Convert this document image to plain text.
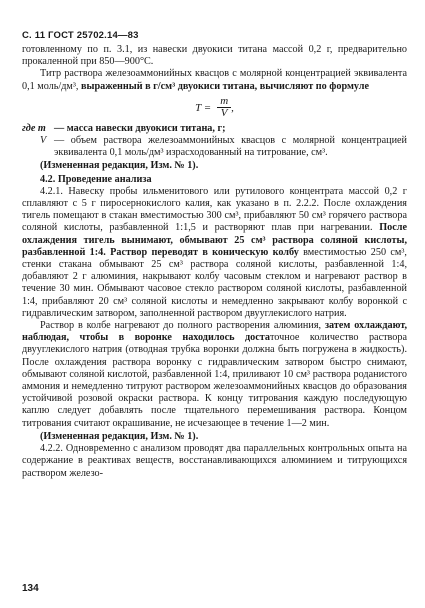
С. 11 ГОСТ 25702.14—83

готовленному по п. 3.1, из навески двуокиси титана массой 0,2 г, предварительно прокаленной при 850—900°С.

Титр раствора железоаммонийных квасцов с молярной концентрацией эквивалента 0,1 моль/дм³, выраженный в г/см³ двуокиси титана, вычисляют по формуле

$T = \frac{m}{V}$ ,
где m — масса навески двуокиси титана, г;
V — объем раствора железоаммонийных квасцов с молярной концентрацией эквивалента 0,1 моль/дм³ израсходованный на титрование, см³.

(Измененная редакция, Изм. № 1).

4.2. Проведение анализа

4.2.1. Навеску пробы ильменитового или рутилового концентрата массой 0,2 г сплавляют с 5 г пиросернокислого калия, как указано в п. 2.2.2. После охлаждения тигель помещают в стакан вместимостью 300 см³, прибавляют 50 см³ горячего раствора соляной кислоты, разбавленной 1:1,5 и растворяют плав при нагревании. После охлаждения тигель вынимают, обмывают 25 см³ раствора соляной кислоты, разбавленной 1:4. Раствор переводят в коническую колбу вместимостью 250 см³, стенки стакана обмывают 25 см³ раствора соляной кислоты, разбавленной 1:4, добавляют 2 г алюминия, накрывают колбу часовым стеклом и нагревают раствор в течение 30 мин. Обмывают часовое стекло раствором соляной кислоты, разбавленной 1:4, прибавляют 20 см³ соляной кислоты и немедленно закрывают колбу воронкой с гидравлическим затвором, заполненной раствором двууглекислого натрия.

Раствор в колбе нагревают до полного растворения алюминия, затем охлаждают, наблюдая, чтобы в воронке находилось достаточное количество раствора двууглекислого натрия (отводная трубка воронки должна быть погружена в жидкость). После охлаждения раствора воронку с гидравлическим затвором быстро снимают, обмывают соляной кислотой, разбавленной 1:4, приливают 10 см³ раствора роданистого аммония и немедленно титруют раствором железоаммонийных квасцов до образования устойчивой розовой окраски раствора. К концу титрования каждую последующую каплю следует добавлять после тщательного перемешивания раствора. Концом титрования считают окрашивание, не исчезающее в течение 1—2 мин.

(Измененная редакция, Изм. № 1).

4.2.2. Одновременно с анализом проводят два параллельных контрольных опыта на содержание в реактивах веществ, восстанавливающихся алюминием и титрующихся раствором железо-

134
